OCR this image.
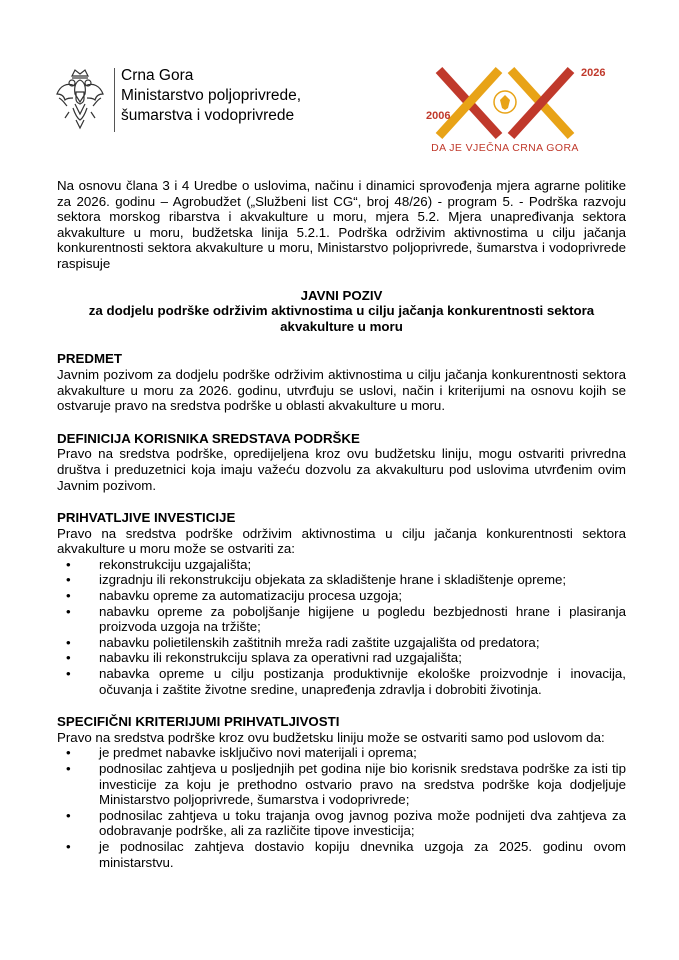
Crna Gora
Ministarstvo poljoprivrede,
šumarstva i vodoprivrede	2006
2026
DA JE VJEČNA CRNA GORA

Na osnovu člana 3 i 4 Uredbe o uslovima, načinu i dinamici sprovođenja mjera agrarne politike za 2026. godinu – Agrobudžet („Službeni list CG“, broj 48/26) - program 5. - Podrška razvoju sektora morskog ribarstva i akvakulture u moru, mjera 5.2. Mjera unapređivanja sektora akvakulture u moru, budžetska linija 5.2.1. Podrška održivim aktivnostima u cilju jačanja konkurentnosti sektora akvakulture u moru, Ministarstvo poljoprivrede, šumarstva i vodoprivrede raspisuje

JAVNI POZIV

za dodjelu podrške održivim aktivnostima u cilju jačanja konkurentnosti sektora akvakulture u moru

PREDMET

Javnim pozivom za dodjelu podrške održivim aktivnostima u cilju jačanja konkurentnosti sektora akvakulture u moru za 2026. godinu, utvrđuju se uslovi, način i kriterijumi na osnovu kojih se ostvaruje pravo na sredstva podrške u oblasti akvakulture u moru.

DEFINICIJA KORISNIKA SREDSTAVA PODRŠKE

Pravo na sredstva podrške, opredijeljena kroz ovu budžetsku liniju, mogu ostvariti privredna društva i preduzetnici koja imaju važeću dozvolu za akvakulturu pod uslovima utvrđenim ovim Javnim pozivom.

PRIHVATLJIVE INVESTICIJE

Pravo na sredstva podrške održivim aktivnostima u cilju jačanja konkurentnosti sektora akvakulture u moru može se ostvariti za:

• rekonstrukciju uzgajališta;
• izgradnju ili rekonstrukciju objekata za skladištenje hrane i skladištenje opreme;
• nabavku opreme za automatizaciju procesa uzgoja;
• nabavku opreme za poboljšanje higijene u pogledu bezbjednosti hrane i plasiranja proizvoda uzgoja na tržište;
• nabavku polietilenskih zaštitnih mreža radi zaštite uzgajališta od predatora;
• nabavku ili rekonstrukciju splava za operativni rad uzgajališta;
• nabavka opreme u cilju postizanja produktivnije ekološke proizvodnje i inovacija, očuvanja i zaštite životne sredine, unapređenja zdravlja i dobrobiti životinja.
SPECIFIČNI KRITERIJUMI PRIHVATLJIVOSTI

Pravo na sredstva podrške kroz ovu budžetsku liniju može se ostvariti samo pod uslovom da:

• je predmet nabavke isključivo novi materijali i oprema;
• podnosilac zahtjeva u posljednjih pet godina nije bio korisnik sredstava podrške za isti tip investicije za koju je prethodno ostvario pravo na sredstva podrške koja dodjeljuje Ministarstvo poljoprivrede, šumarstva i vodoprivrede;
• podnosilac zahtjeva u toku trajanja ovog javnog poziva može podnijeti dva zahtjeva za odobravanje podrške, ali za različite tipove investicija;
• je podnosilac zahtjeva dostavio kopiju dnevnika uzgoja za 2025. godinu ovom ministarstvu.
